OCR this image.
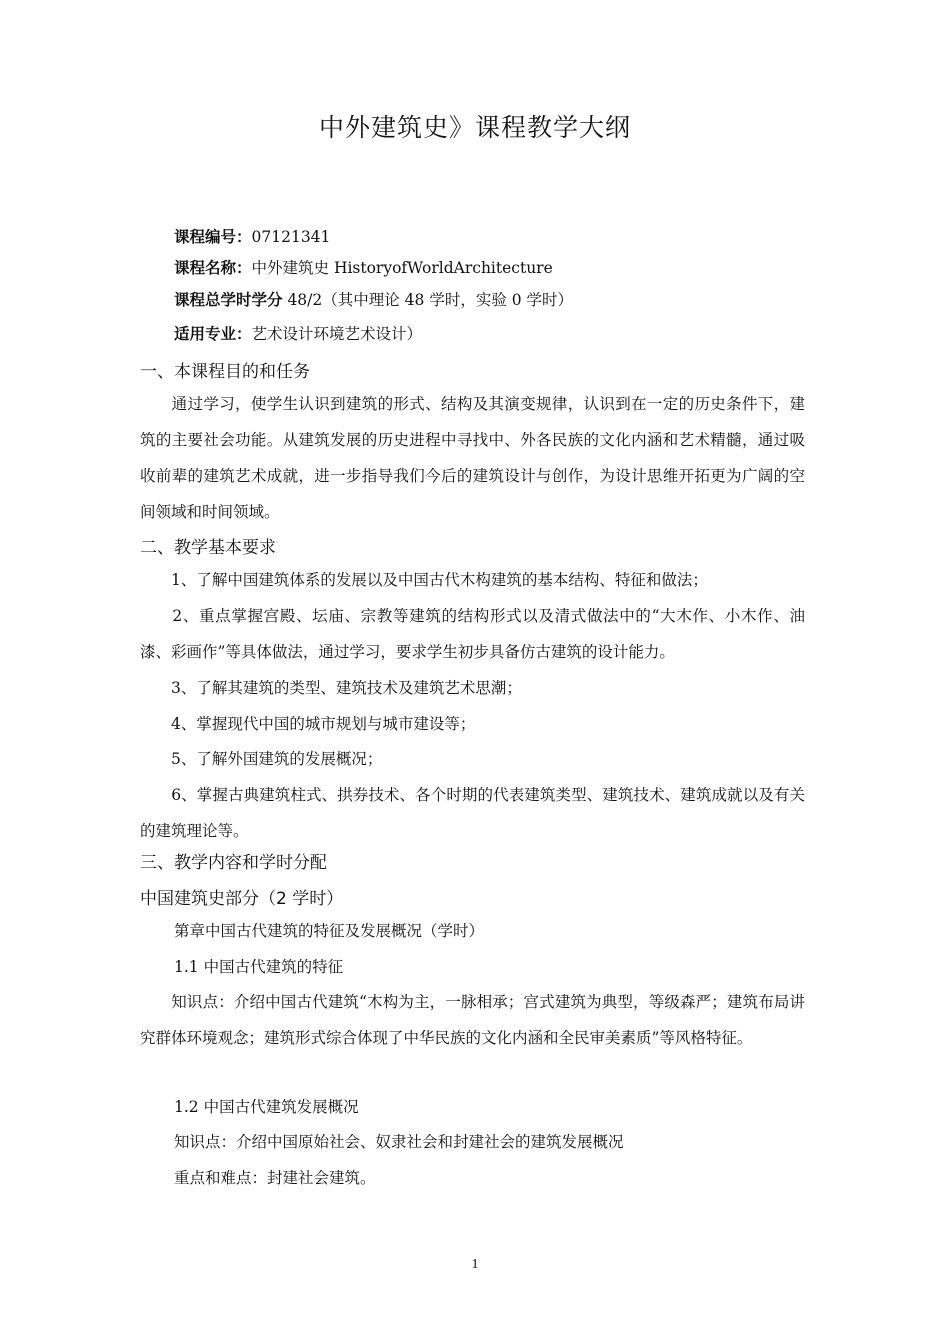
中外建筑史》课程教学大纲
课程编号：07121341
课程名称：中外建筑史 HistoryofWorldArchitecture
课程总学时学分 48/2（其中理论 48 学时，实验 0 学时）
适用专业：艺术设计环境艺术设计）
一、本课程目的和任务

　　通过学习，使学生认识到建筑的形式、结构及其演变规律，认识到在一定的历史条件下，建筑的主要社会功能。从建筑发展的历史进程中寻找中、外各民族的文化内涵和艺术精髓，通过吸收前辈的建筑艺术成就，进一步指导我们今后的建筑设计与创作，为设计思维开拓更为广阔的空间领域和时间领域。

二、教学基本要求

　　1、了解中国建筑体系的发展以及中国古代木构建筑的基本结构、特征和做法；

　　2、重点掌握宫殿、坛庙、宗教等建筑的结构形式以及清式做法中的“大木作、小木作、油漆、彩画作”等具体做法，通过学习，要求学生初步具备仿古建筑的设计能力。

　　3、了解其建筑的类型、建筑技术及建筑艺术思潮；

　　4、掌握现代中国的城市规划与城市建设等；

　　5、了解外国建筑的发展概况；

　　6、掌握古典建筑柱式、拱券技术、各个时期的代表建筑类型、建筑技术、建筑成就以及有关的建筑理论等。

三、教学内容和学时分配
中国建筑史部分（2 学时）
第章中国古代建筑的特征及发展概况（学时）
1.1 中国古代建筑的特征

　　知识点：介绍中国古代建筑“木构为主，一脉相承；宫式建筑为典型，等级森严；建筑布局讲究群体环境观念；建筑形式综合体现了中华民族的文化内涵和全民审美素质”等风格特征。

1.2 中国古代建筑发展概况
知识点：介绍中国原始社会、奴隶社会和封建社会的建筑发展概况
重点和难点：封建社会建筑。
1
